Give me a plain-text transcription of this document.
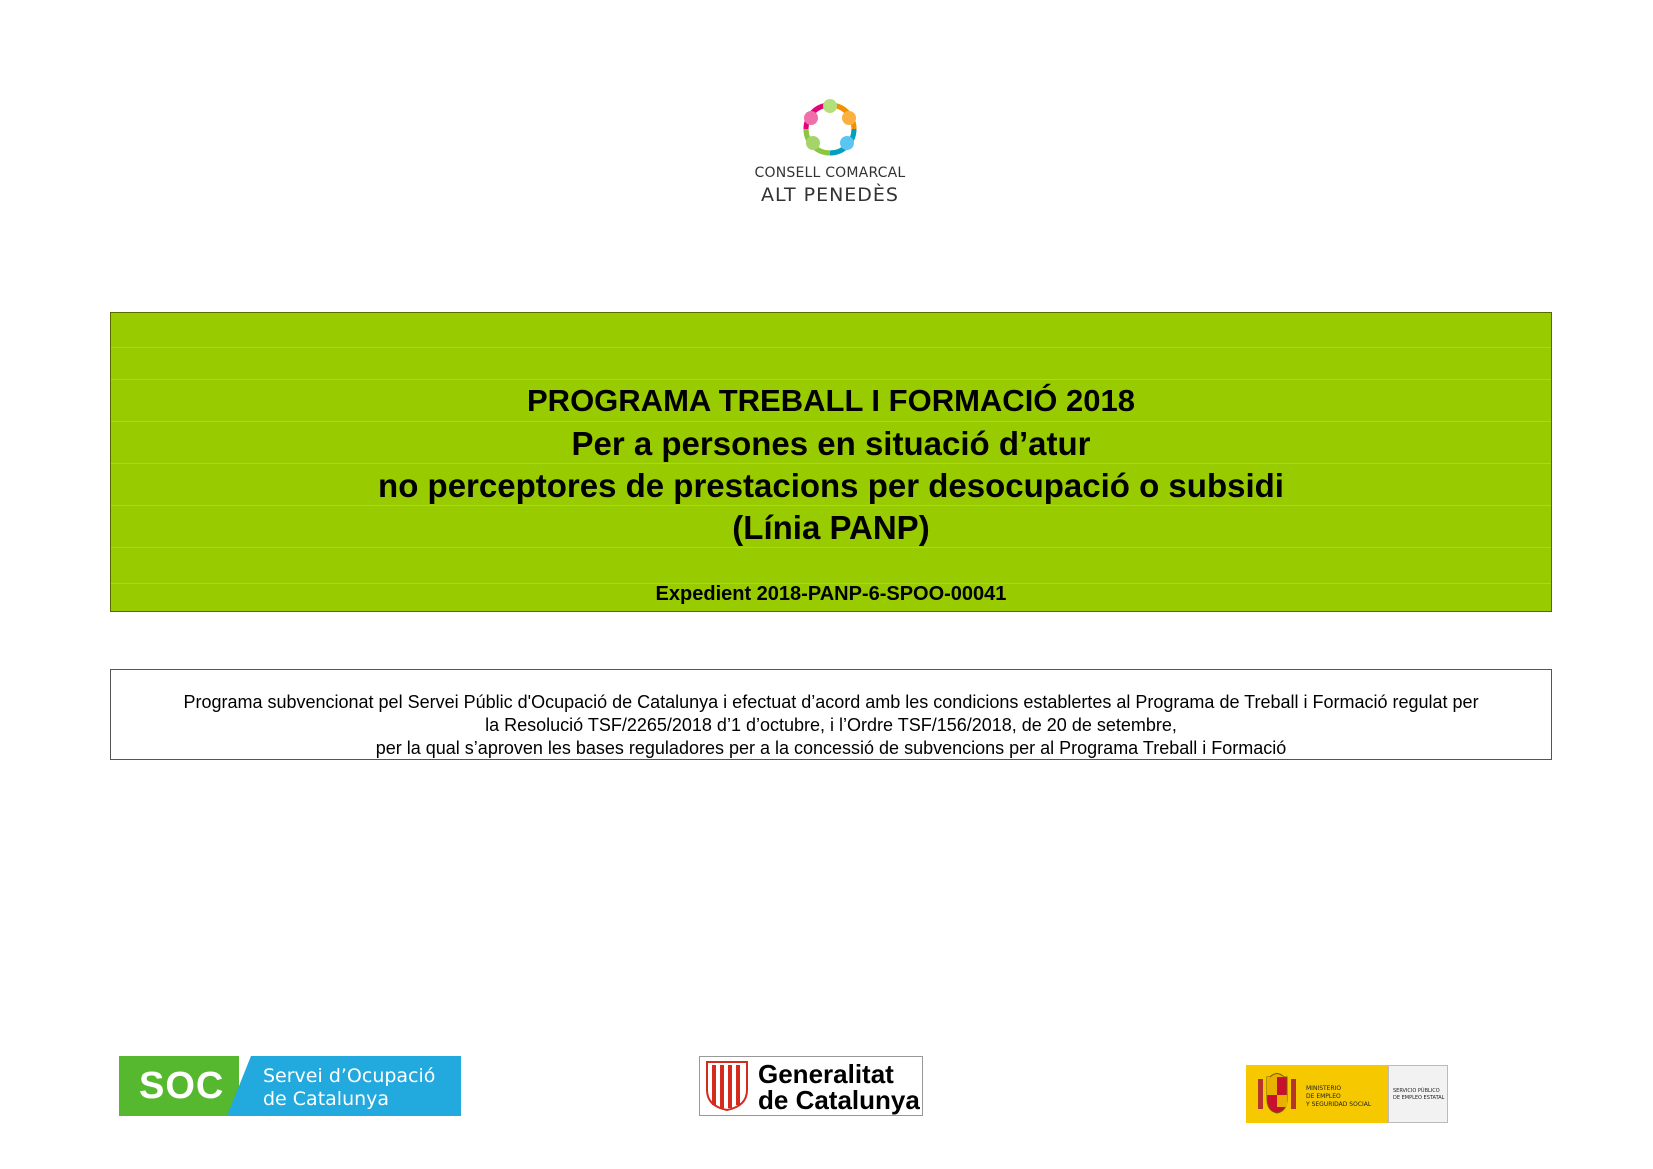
CONSELL COMARCAL
ALT PENEDÈS
PROGRAMA TREBALL I FORMACIÓ 2018
Per a persones en situació d’atur
no perceptores de prestacions per desocupació o subsidi
(Línia PANP)
Expedient 2018-PANP-6-SPOO-00041
Programa subvencionat pel Servei Públic d'Ocupació de Catalunya i efectuat d’acord amb les condicions establertes al Programa de Treball i Formació regulat per
la Resolució TSF/2265/2018 d’1 d’octubre, i l’Ordre TSF/156/2018, de 20 de setembre,
per la qual s’aproven les bases reguladores per a la concessió de subvencions per al Programa Treball i Formació
SOC Servei d’Ocupació
de Catalunya
Generalitat
de Catalunya	MINISTERIO
DE EMPLEO
Y SEGURIDAD SOCIAL
SERVICIO PÚBLICO
DE EMPLEO ESTATAL
